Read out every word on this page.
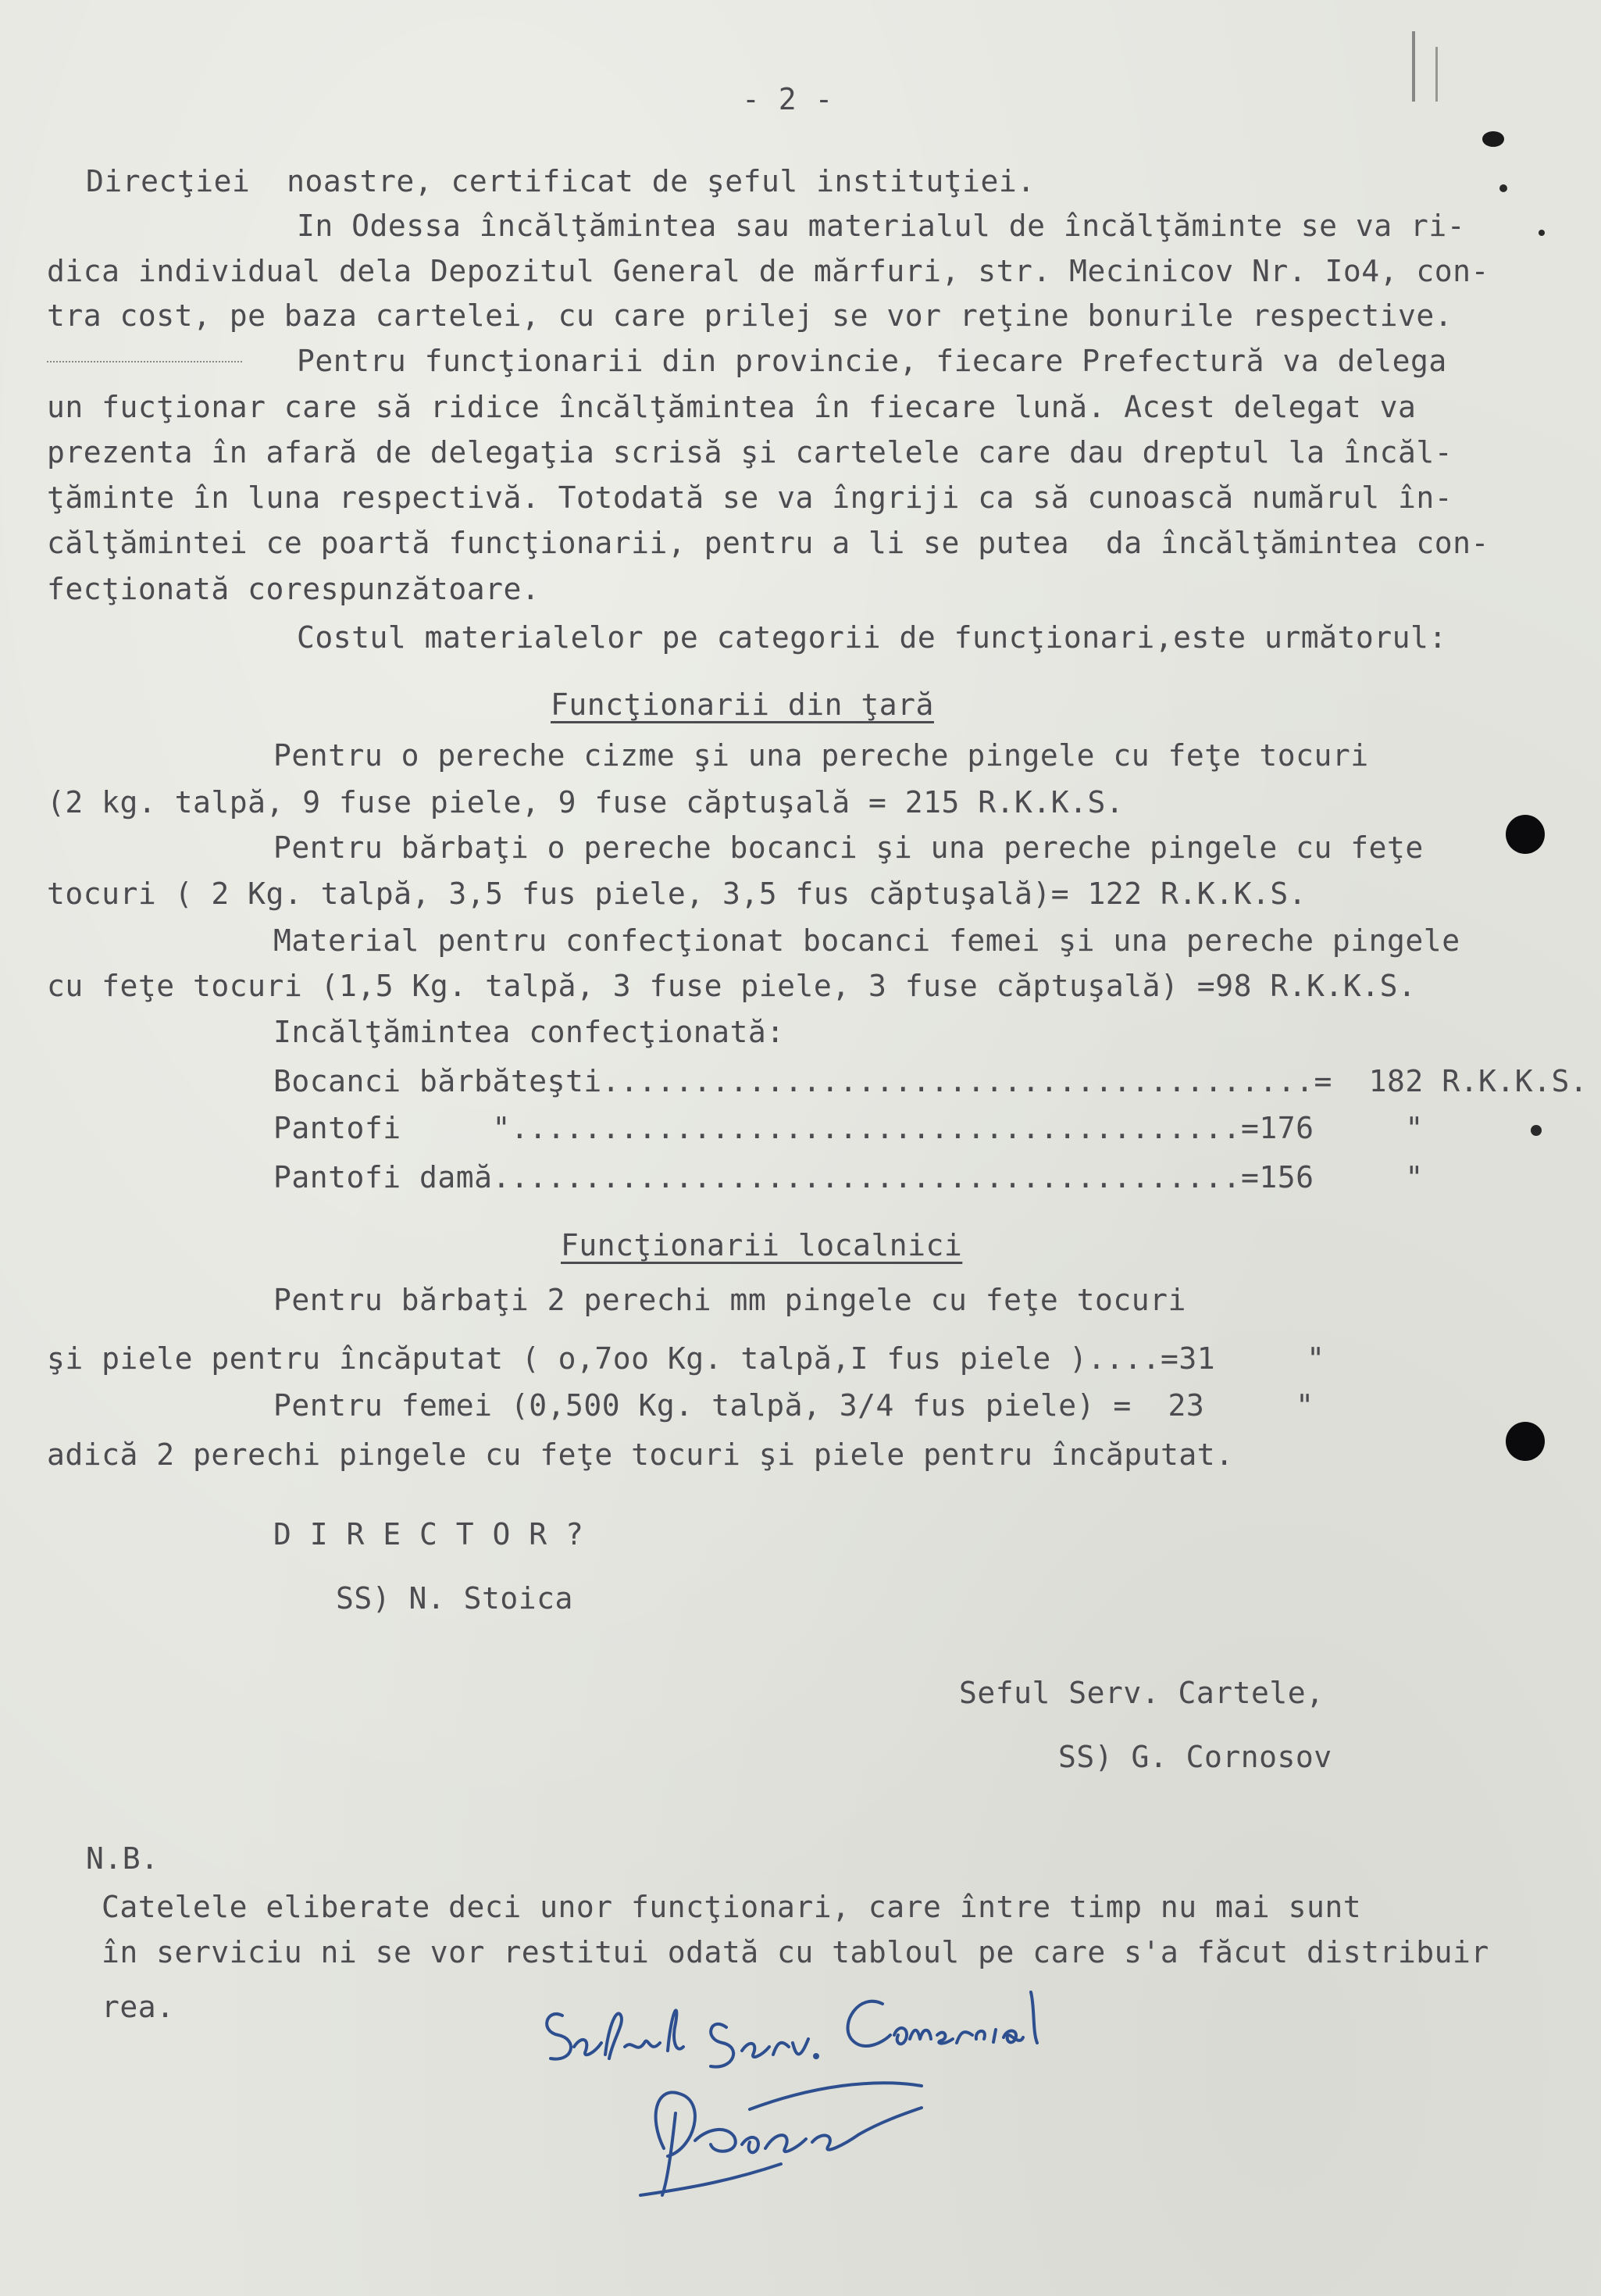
- 2 -
Direcţiei  noastre, certificat de şeful instituţiei.
In Odessa încălţămintea sau materialul de încălţăminte se va ri-
dica individual dela Depozitul General de mărfuri, str. Mecinicov Nr. Io4, con-
tra cost, pe baza cartelei, cu care prilej se vor reţine bonurile respective.
Pentru funcţionarii din provincie, fiecare Prefectură va delega
un fucţionar care să ridice încălţămintea în fiecare lună. Acest delegat va
prezenta în afară de delegaţia scrisă şi cartelele care dau dreptul la încăl-
ţăminte în luna respectivă. Totodată se va îngriji ca să cunoască numărul în-
călţămintei ce poartă funcţionarii, pentru a li se putea  da încălţămintea con-
fecţionată corespunzătoare.
Costul materialelor pe categorii de funcţionari,este următorul:
Funcţionarii din ţară
Pentru o pereche cizme şi una pereche pingele cu feţe tocuri
(2 kg. talpă, 9 fuse piele, 9 fuse căptuşală = 215 R.K.K.S.
Pentru bărbaţi o pereche bocanci şi una pereche pingele cu feţe
tocuri ( 2 Kg. talpă, 3,5 fus piele, 3,5 fus căptuşală)= 122 R.K.K.S.
Material pentru confecţionat bocanci femei şi una pereche pingele
cu feţe tocuri (1,5 Kg. talpă, 3 fuse piele, 3 fuse căptuşală) =98 R.K.K.S.
Incălţămintea confecţionată:
Bocanci bărbăteşti.......................................=  182 R.K.K.S.
Pantofi     "........................................=176     "
Pantofi damă.........................................=156     "
Funcţionarii localnici
Pentru bărbaţi 2 perechi mm pingele cu feţe tocuri
şi piele pentru încăputat ( o,7oo Kg. talpă,I fus piele )....=31     "
Pentru femei (0,500 Kg. talpă, 3/4 fus piele) =  23     "
adică 2 perechi pingele cu feţe tocuri şi piele pentru încăputat.
D I R E C T O R ?
SS) N. Stoica
Seful Serv. Cartele,
SS) G. Cornosov
N.B.
Catelele eliberate deci unor funcţionari, care între timp nu mai sunt
în serviciu ni se vor restitui odată cu tabloul pe care s'a făcut distribuir
rea.
